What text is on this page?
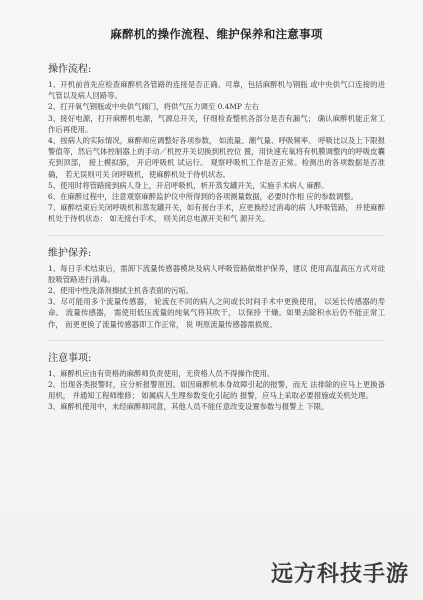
麻醉机的操作流程、维护保养和注意事项
操作流程:
1、开机前首先应检查麻醉机各管路的连接是否正确、可靠，包括麻醉机与钢瓶 或中央供气口连接的进气管以及病人回路等。
2、打开氧气钢瓶或中央供气阀门，将供气压力调至 0.4MP 左右
3、接好电源，打开麻醉机电源，气源总开关，仔细检查整机各部分是否有漏气； 确认麻醉机能正常工作后再使用。
4、按病人的实际情况，麻醉师应调整好各项参数， 如流量、潮气量、呼吸频率、 呼吸比以及上下限报警值等，然后气体控制器上的手动／机控开关切换到机控位 置，用快速充氧将有机膜调整内的呼吸皮囊充到顶部， 接上模拟肺， 开启呼吸机 试运行。 观察呼吸机工作是否正常。检测出的各项数据是否准确， 若无误则可关 闭呼吸机，使麻醉机处于待机状态。
5、使用时将管路接到病人身上，开启呼吸机，析开蒸发罐开关，实施手术病人 麻醉。
6、在麻醉过程中，注意观察麻醉监护仪中所得到的各项测量数据，必要时作相 应的参数调整。
7、麻醉结束后关闭呼吸机和蒸发罐开关，如有接台手术，应更换经过消毒的病 人呼吸管路， 并使麻醉机处于待机状态： 如无接台手术， 则关闭总电源开关和气 源开关。
维护保养:
1、每日手术结束后，需卸下流量传感器模块及病人呼吸管路做维护保养，建议 使用高温高压方式对硅胶吸管路进行消毒。
2、使用中性洗涤剂擦拭主机各表面的污垢。
3、尽可能用多个流量传感器， 轮流在不同的病人之间或长时间手术中更换使用， 以延长传感器的寿命。 流量传感器， 需使用低压流量的纯氧气将其吹干， 以保持 干燥。如果去除积水后仍不能正常工作， 而更更换了流量传感器即工作正常， 说 明原流量传感器需损废。
注意事项:
1、麻醉机应由有资格的麻醉师负责使用，无资格人员不得操作使用。
2、出现各类报警时，应分析报警原因。如因麻醉机本身故障引起的报警，而无 法排除的应马上更换备用机， 并通知工程师维修； 如属病人生理参数变化引起的 报警，应马上采取必要措施或关机处理。
3、麻醉机使用中，未经麻醉师同意，其他人员不能任意改变设置参数与报警上 下限。
远方科技手游
